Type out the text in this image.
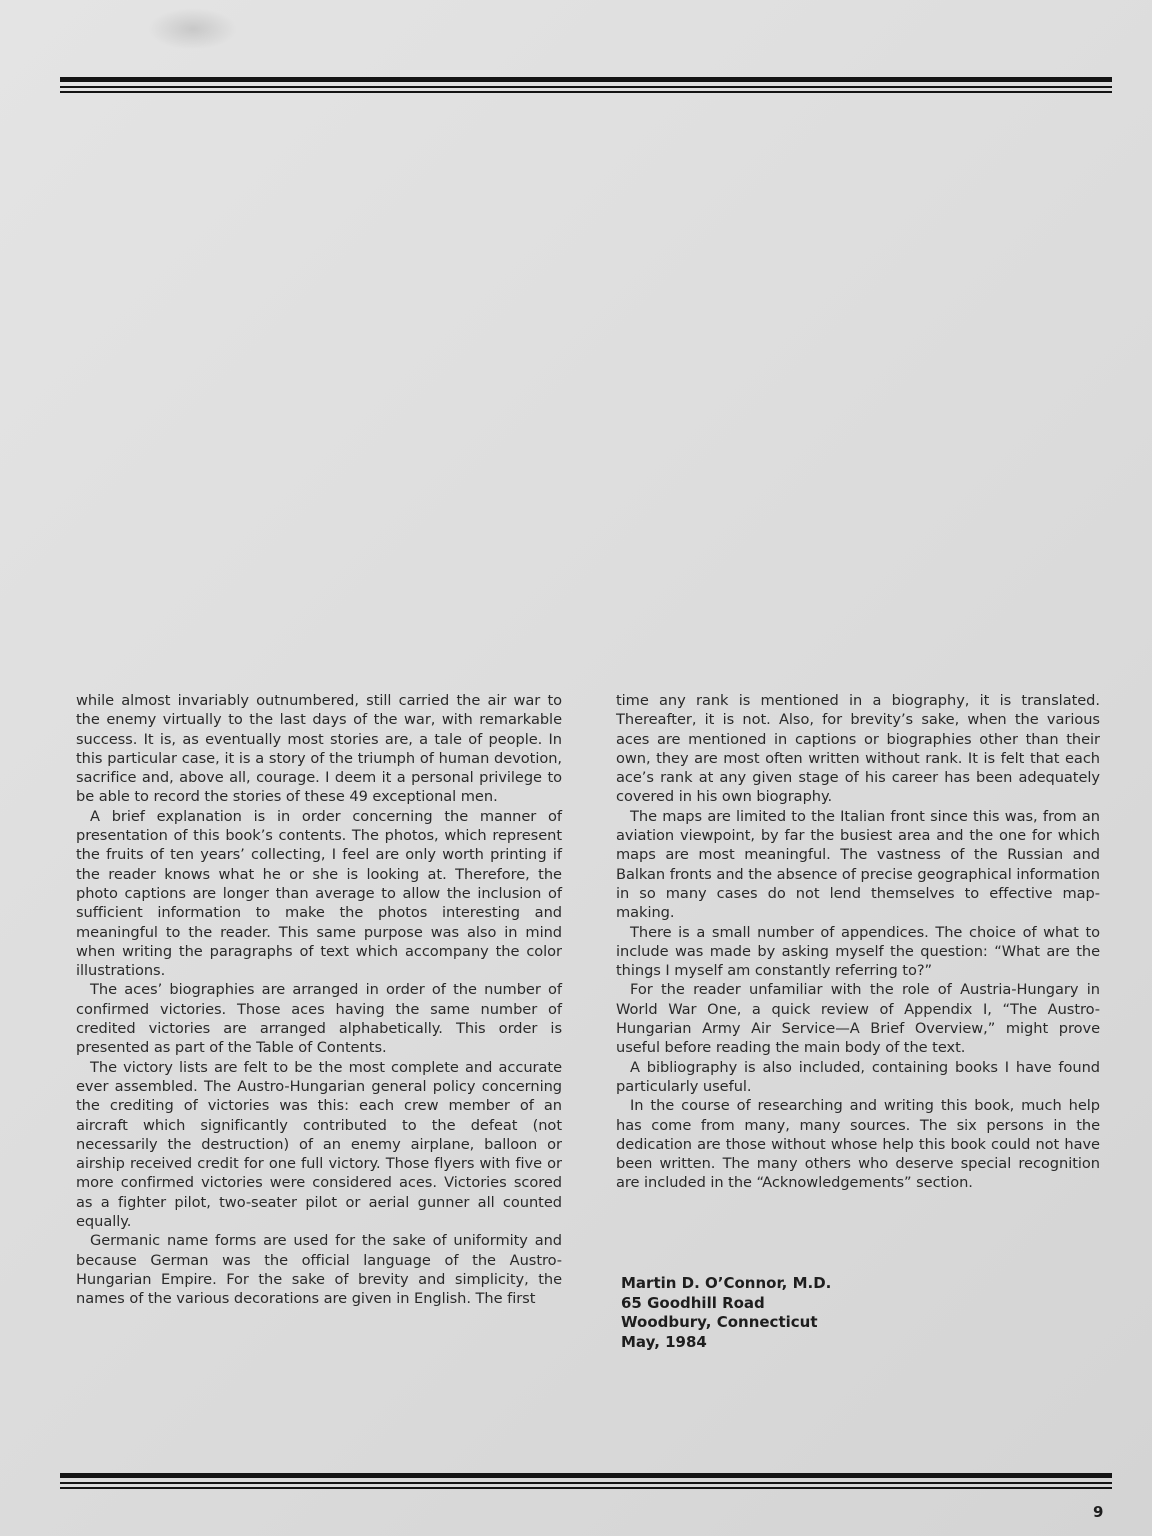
while almost invariably outnumbered, still carried the air war to the enemy virtually to the last days of the war, with remarkable success. It is, as eventually most stories are, a tale of people. In this particular case, it is a story of the triumph of human devotion, sacrifice and, above all, courage. I deem it a personal privilege to be able to record the stories of these 49 exceptional men.

A brief explanation is in order concerning the manner of presentation of this book’s contents. The photos, which represent the fruits of ten years’ collecting, I feel are only worth printing if the reader knows what he or she is looking at. Therefore, the photo captions are longer than average to allow the inclusion of sufficient information to make the photos interesting and meaningful to the reader. This same purpose was also in mind when writing the paragraphs of text which accompany the color illustrations.

The aces’ biographies are arranged in order of the number of confirmed victories. Those aces having the same number of credited victories are arranged alphabetically. This order is presented as part of the Table of Contents.

The victory lists are felt to be the most complete and accurate ever assembled. The Austro-Hungarian general policy concerning the crediting of victories was this: each crew member of an aircraft which significantly contributed to the defeat (not necessarily the destruction) of an enemy airplane, balloon or airship received credit for one full victory. Those flyers with five or more confirmed victories were considered aces. Victories scored as a fighter pilot, two-seater pilot or aerial gunner all counted equally.

Germanic name forms are used for the sake of uniformity and because German was the official language of the Austro-Hungarian Empire. For the sake of brevity and simplicity, the names of the various decorations are given in English. The first

time any rank is mentioned in a biography, it is translated. Thereafter, it is not. Also, for brevity’s sake, when the various aces are mentioned in captions or biographies other than their own, they are most often written without rank. It is felt that each ace’s rank at any given stage of his career has been adequately covered in his own biography.

The maps are limited to the Italian front since this was, from an aviation viewpoint, by far the busiest area and the one for which maps are most meaningful. The vastness of the Russian and Balkan fronts and the absence of precise geographical information in so many cases do not lend themselves to effective map-making.

There is a small number of appendices. The choice of what to include was made by asking myself the question: “What are the things I myself am constantly referring to?”

For the reader unfamiliar with the role of Austria-Hungary in World War One, a quick review of Appendix I, “The Austro-Hungarian Army Air Service—A Brief Overview,” might prove useful before reading the main body of the text.

A bibliography is also included, containing books I have found particularly useful.

In the course of researching and writing this book, much help has come from many, many sources. The six persons in the dedication are those without whose help this book could not have been written. The many others who deserve special recognition are included in the “Acknowledgements” section.

Martin D. O’Connor, M.D.
65 Goodhill Road
Woodbury, Connecticut
May, 1984
9
